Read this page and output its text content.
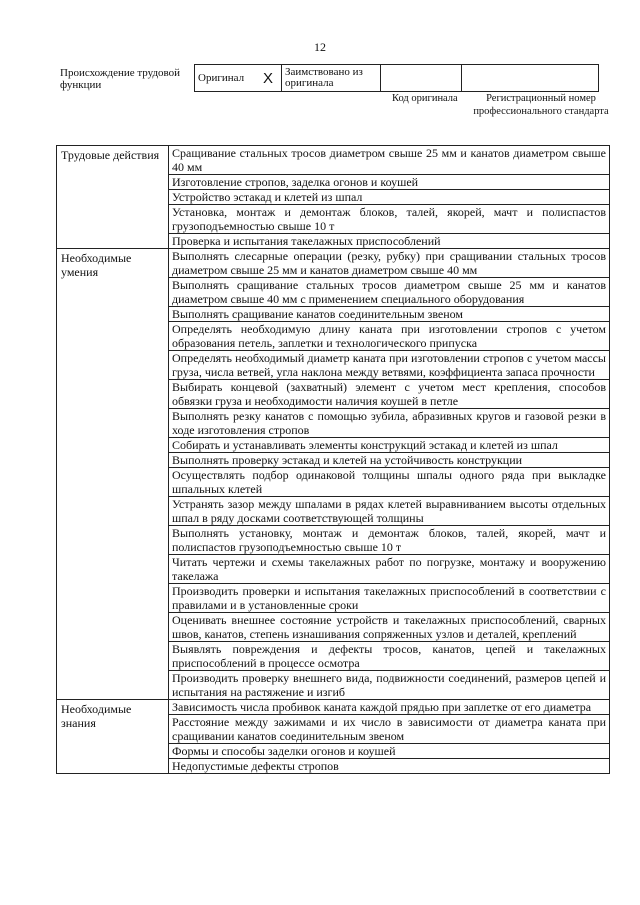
12
Происхождение трудовой функции
Оригинал	X	Заимствовано из оригинала		
Код оригинала	Регистрационный номер профессионального стандарта
Трудовые действия	Сращивание стальных тросов диаметром свыше 25 мм и канатов диаметром свыше 40 мм
	Изготовление стропов, заделка огонов и коушей
	Устройство эстакад и клетей из шпал
	Установка, монтаж и демонтаж блоков, талей, якорей, мачт и полиспастов грузоподъемностью свыше 10 т
	Проверка и испытания такелажных приспособлений
Необходимые умения	Выполнять слесарные операции (резку, рубку) при сращивании стальных тросов диаметром свыше 25 мм и канатов диаметром свыше 40 мм
	Выполнять сращивание стальных тросов диаметром свыше 25 мм и канатов диаметром свыше 40 мм с применением специального оборудования
	Выполнять сращивание канатов соединительным звеном
	Определять необходимую длину каната при изготовлении стропов с учетом образования петель, заплетки и технологического припуска
	Определять необходимый диаметр каната при изготовлении стропов с учетом массы груза, числа ветвей, угла наклона между ветвями, коэффициента запаса прочности
	Выбирать концевой (захватный) элемент с учетом мест крепления, способов обвязки груза и необходимости наличия коушей в петле
	Выполнять резку канатов с помощью зубила, абразивных кругов и газовой резки в ходе изготовления стропов
	Собирать и устанавливать элементы конструкций эстакад и клетей из шпал
	Выполнять проверку эстакад и клетей на устойчивость конструкции
	Осуществлять подбор одинаковой толщины шпалы одного ряда при выкладке шпальных клетей
	Устранять зазор между шпалами в рядах клетей выравниванием высоты отдельных шпал в ряду досками соответствующей толщины
	Выполнять установку, монтаж и демонтаж блоков, талей, якорей, мачт и полиспастов грузоподъемностью свыше 10 т
	Читать чертежи и схемы такелажных работ по погрузке, монтажу и вооружению такелажа
	Производить проверки и испытания такелажных приспособлений в соответствии с правилами и в установленные сроки
	Оценивать внешнее состояние устройств и такелажных приспособлений, сварных швов, канатов, степень изнашивания сопряженных узлов и деталей, креплений
	Выявлять повреждения и дефекты тросов, канатов, цепей и такелажных приспособлений в процессе осмотра
	Производить проверку внешнего вида, подвижности соединений, размеров цепей и испытания на растяжение и изгиб
Необходимые знания	Зависимость числа пробивок каната каждой прядью при заплетке от его диаметра
	Расстояние между зажимами и их число в зависимости от диаметра каната при сращивании канатов соединительным звеном
	Формы и способы заделки огонов и коушей
	Недопустимые дефекты стропов
